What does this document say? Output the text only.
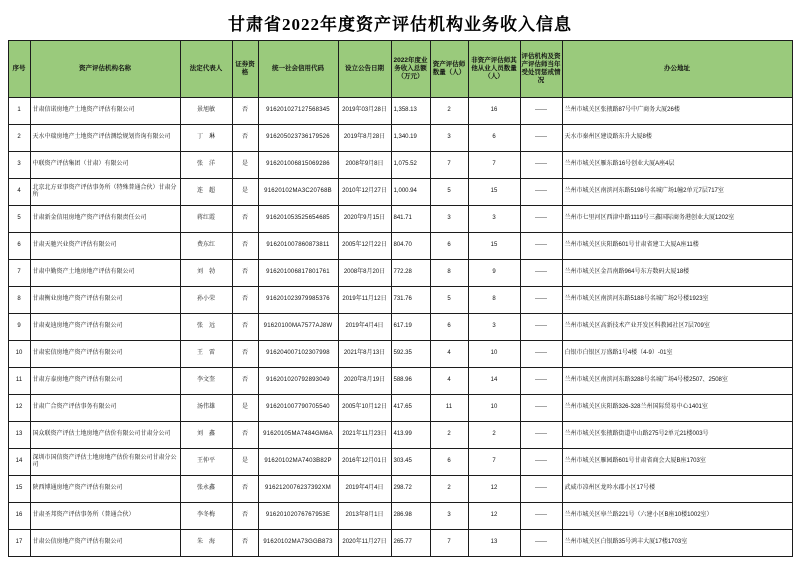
甘肃省2022年度资产评估机构业务收入信息
序号	资产评估机构名称	法定代表人	证券资格	统一社会信用代码	设立公告日期	2022年度业务收入总额（万元）	资产评估师数量（人）	非资产评估师其他从业人员数量（人）	评估机构及资产评估师当年受处罚惩戒情况	办公地址
1	甘肃信诺房地产土地资产评估有限公司	景旭敏	否	916201027127568345	2019年03月28日	1,358.13	2	16	——	兰州市城关区张掖路87号中广商务大厦26楼
2	天水中瑞房地产土地资产评估测绘规划咨询有限公司	丁　琳	否	916205023736179526	2019年8月28日	1,340.19	3	6	——	天水市秦州区建设路东升大厦8楼
3	中联资产评估集团（甘肃）有限公司	张　洋	是	916201006815069286	2008年9月8日	1,075.52	7	7	——	兰州市城关区雁东路16号创业大厦A座4层
4	北京北方亚事资产评估事务所（特殊普通合伙）甘肃分所	连　超	是	91620102MA3C20768B	2010年12月27日	1,000.94	5	15	——	兰州市城关区南滨河东路5198号名城广场1幢2单元7层717室
5	甘肃新金信用房地产资产评估有限责任公司	蒋红霞	否	916201053525654685	2020年9月15日	841.71	3	3	——	兰州市七里河区西津中路1119号三鑫国际商务港创业大厦1202室
6	甘肃天驰兴业资产评估有限公司	费东红	否	916201007860873811	2005年12月22日	804.70	6	15	——	兰州市城关区庆阳路601号甘肃省建工大厦A座11楼
7	甘肃中勤资产土地房地产评估有限公司	刘　勃	否	916201006817801761	2008年8月20日	772.28	8	9	——	兰州市城关区金昌南路964号东方数码大厦18楼
8	甘肃衡业房地产资产评估有限公司	孙小荣	否	916201023979985376	2019年11月12日	731.76	5	8	——	兰州市城关区南滨河东路5188号名城广场2号楼1923室
9	甘肃麦迪房地产资产评估有限公司	张　远	否	91620100MA7577AJ8W	2019年4月4日	617.19	6	3	——	兰州市城关区高新技术产业开发区科教园社区7层709室
10	甘肃宏信房地产资产评估有限公司	王　雷	否	916204007102307998	2021年8月13日	592.35	4	10	——	白银市白银区万盛路1号4楼（4-9）-01室
11	甘肃方泰房地产资产评估有限公司	李文奎	否	916201020792893049	2020年8月19日	588.96	4	14	——	兰州市城关区南滨河东路3288号名城广场4号楼2507、2508室
12	甘肃广合资产评估事务有限公司	汤伟雄	是	916201007790705540	2005年10月12日	417.65	11	10	——	兰州市城关区庆阳路326-328兰州国际贸易中心1401室
13	国众联资产评估土地房地产估价有限公司甘肃分公司	刘　鑫	否	91620105MA7484GM6A	2021年11月23日	413.99	2	2	——	兰州市城关区张掖路街道中山路275号2单元21楼003号
14	深圳市国信资产评估土地房地产估价有限公司甘肃分公司	王仲平	是	91620102MA7403B82P	2016年12月01日	303.45	6	7	——	兰州市城关区雁园路601号甘肃省商会大厦B座1703室
15	陕西博通房地产资产评估有限公司	张永鑫	否	9162120076237392XM	2019年4月4日	298.72	2	12	——	武威市凉州区龙吟水郡小区17号楼
16	甘肃圣邦资产评估事务所（普通合伙）	李冬梅	否	91620102076767953E	2013年8月1日	286.98	3	12	——	兰州市城关区皋兰路221号（六建小区B座10楼1002室）
17	甘肃公信房地产资产评估有限公司	朱　海	否	91620102MA73GGB873	2020年11月27日	265.77	7	13	——	兰州市城关区白银路35号鸿丰大厦17楼1703室
